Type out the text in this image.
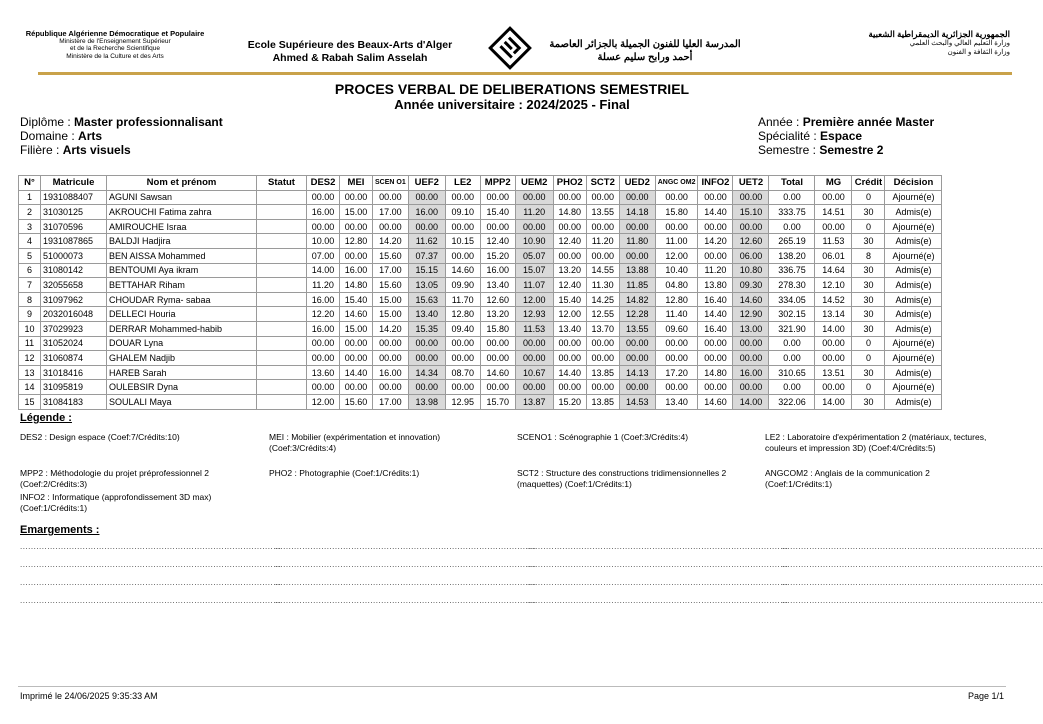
République Algérienne Démocratique et Populaire
Ministère de l'Enseignement Supérieur
et de la Recherche Scientifique
Ministère de la Culture et des Arts
Ecole Supérieure des Beaux-Arts d'Alger
Ahmed & Rabah Salim Asselah
المدرسة العليا للفنون الجميلة بالجزائر العاصمة
أحمد ورابح سليم عسلة
الجمهورية الجزائرية الديمقراطية الشعبية
وزارة التعليم العالي والبحث العلمي
وزارة الثقافة و الفنون
PROCES VERBAL DE DELIBERATIONS SEMESTRIEL
Année universitaire : 2024/2025 - Final
Diplôme : Master professionnalisant
Domaine : Arts
Filière : Arts visuels
Année : Première année Master
Spécialité : Espace
Semestre : Semestre 2
N°	Matricule	Nom et prénom	Statut	DES2	MEI	SCEN O1	UEF2	LE2	MPP2	UEM2	PHO2	SCT2	UED2	ANGC OM2	INFO2	UET2	Total	MG	Crédit	Décision
1	1931088407	AGUNI Sawsan		00.00	00.00	00.00	00.00	00.00	00.00	00.00	00.00	00.00	00.00	00.00	00.00	00.00	0.00	00.00	0	Ajourné(e)
2	31030125	AKROUCHI Fatima zahra		16.00	15.00	17.00	16.00	09.10	15.40	11.20	14.80	13.55	14.18	15.80	14.40	15.10	333.75	14.51	30	Admis(e)
3	31070596	AMIROUCHE Israa		00.00	00.00	00.00	00.00	00.00	00.00	00.00	00.00	00.00	00.00	00.00	00.00	00.00	0.00	00.00	0	Ajourné(e)
4	1931087865	BALDJI Hadjira		10.00	12.80	14.20	11.62	10.15	12.40	10.90	12.40	11.20	11.80	11.00	14.20	12.60	265.19	11.53	30	Admis(e)
5	51000073	BEN AISSA Mohammed		07.00	00.00	15.60	07.37	00.00	15.20	05.07	00.00	00.00	00.00	12.00	00.00	06.00	138.20	06.01	8	Ajourné(e)
6	31080142	BENTOUMI Aya ikram		14.00	16.00	17.00	15.15	14.60	16.00	15.07	13.20	14.55	13.88	10.40	11.20	10.80	336.75	14.64	30	Admis(e)
7	32055658	BETTAHAR Riham		11.20	14.80	15.60	13.05	09.90	13.40	11.07	12.40	11.30	11.85	04.80	13.80	09.30	278.30	12.10	30	Admis(e)
8	31097962	CHOUDAR Ryma- sabaa		16.00	15.40	15.00	15.63	11.70	12.60	12.00	15.40	14.25	14.82	12.80	16.40	14.60	334.05	14.52	30	Admis(e)
9	2032016048	DELLECI Houria		12.20	14.60	15.00	13.40	12.80	13.20	12.93	12.00	12.55	12.28	11.40	14.40	12.90	302.15	13.14	30	Admis(e)
10	37029923	DERRAR Mohammed-habib		16.00	15.00	14.20	15.35	09.40	15.80	11.53	13.40	13.70	13.55	09.60	16.40	13.00	321.90	14.00	30	Admis(e)
11	31052024	DOUAR Lyna		00.00	00.00	00.00	00.00	00.00	00.00	00.00	00.00	00.00	00.00	00.00	00.00	00.00	0.00	00.00	0	Ajourné(e)
12	31060874	GHALEM Nadjib		00.00	00.00	00.00	00.00	00.00	00.00	00.00	00.00	00.00	00.00	00.00	00.00	00.00	0.00	00.00	0	Ajourné(e)
13	31018416	HAREB Sarah		13.60	14.40	16.00	14.34	08.70	14.60	10.67	14.40	13.85	14.13	17.20	14.80	16.00	310.65	13.51	30	Admis(e)
14	31095819	OULEBSIR Dyna		00.00	00.00	00.00	00.00	00.00	00.00	00.00	00.00	00.00	00.00	00.00	00.00	00.00	0.00	00.00	0	Ajourné(e)
15	31084183	SOULALI Maya		12.00	15.60	17.00	13.98	12.95	15.70	13.87	15.20	13.85	14.53	13.40	14.60	14.00	322.06	14.00	30	Admis(e)
Légende :
DES2 : Design espace (Coef:7/Crédits:10)	MEI : Mobilier (expérimentation et innovation) (Coef:3/Crédits:4)
SCENO1 : Scénographie 1 (Coef:3/Crédits:4)	LE2 : Laboratoire d'expérimentation 2 (matériaux, tectures, couleurs et impression 3D) (Coef:4/Crédits:5)
MPP2 : Méthodologie du projet préprofessionnel 2 (Coef:2/Crédits:3)
PHO2 : Photographie (Coef:1/Crédits:1)	SCT2 : Structure des constructions tridimensionnelles 2 (maquettes) (Coef:1/Crédits:1)
ANGCOM2 : Anglais de la communication 2 (Coef:1/Crédits:1)
INFO2 : Informatique (approfondissement 3D max) (Coef:1/Crédits:1)
Emargements :
................................................................................................
................................................................................................
................................................................................................
................................................................................................
................................................................................................
................................................................................................
................................................................................................
................................................................................................
................................................................................................
................................................................................................
................................................................................................
................................................................................................
................................................................................................
................................................................................................
................................................................................................
................................................................................................
Imprimé le 24/06/2025 9:35:33 AM	Page 1/1
